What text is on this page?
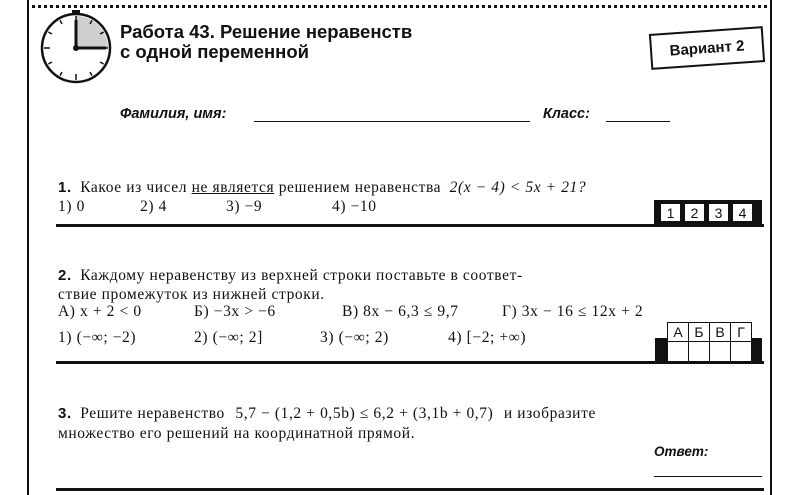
Работа 43. Решение неравенств
с одной переменной	Вариант 2
Фамилия, имя:	Класс:
1. Какое из чисел не является решением неравенства 2(x − 4) < 5x + 21?
1) 0	2) 4	3) −9	4) −10	1	2	3	4
2. Каждому неравенству из верхней строки поставьте в соответ-
ствие промежуток из нижней строки.
А) x + 2 < 0	Б) −3x > −6	В) 8x − 6,3 ≤ 9,7	Г) 3x − 16 ≤ 12x + 2
1) (−∞; −2)	2) (−∞; 2]	3) (−∞; 2)	4) [−2; +∞)	А Б В Г
3. Решите неравенство 5,7 − (1,2 + 0,5b) ≤ 6,2 + (3,1b + 0,7) и изобразите
множество его решений на координатной прямой.
Ответ:
